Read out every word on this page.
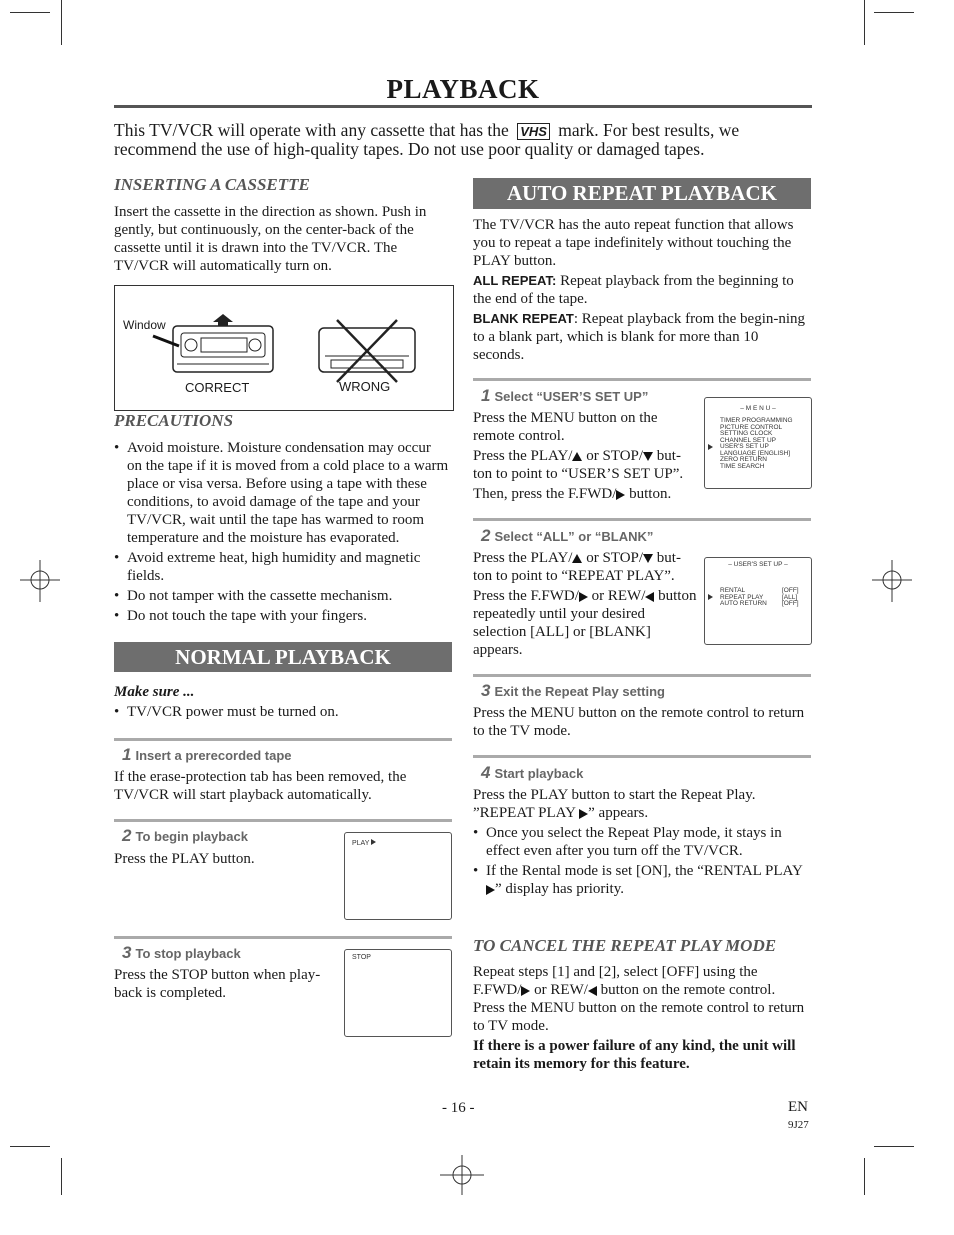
PLAYBACK
This TV/VCR will operate with any cassette that has the VHS mark. For best results, we recommend the use of high-quality tapes. Do not use poor quality or damaged tapes.
INSERTING A CASSETTE
Insert the cassette in the direction as shown. Push in gently, but continuously, on the center-back of the cassette until it is drawn into the TV/VCR. The TV/VCR will automatically turn on.
Window
CORRECT	WRONG
PRECAUTIONS
• Avoid moisture. Moisture condensation may occur on the tape if it is moved from a cold place to a warm place or visa versa. Before using a tape with these conditions, to avoid damage of the tape and your TV/VCR, wait until the tape has warmed to room temperature and the moisture has evaporated.
• Avoid extreme heat, high humidity and magnetic fields.
• Do not tamper with the cassette mechanism.
• Do not touch the tape with your fingers.
NORMAL PLAYBACK
Make sure ...
• TV/VCR power must be turned on.
1 Insert a prerecorded tape
If the erase-protection tab has been removed, the TV/VCR will start playback automatically.
2 To begin playback
Press the PLAY button.
PLAY
3 To stop playback
Press the STOP button when play-back is completed.
STOP
AUTO REPEAT PLAYBACK
The TV/VCR has the auto repeat function that allows you to repeat a tape indefinitely without touching the PLAY button.
ALL REPEAT: Repeat playback from the beginning to the end of the tape.
BLANK REPEAT: Repeat playback from the begin-ning to a blank part, which is blank for more than 10 seconds.
1 Select “USER’S SET UP”
Press the MENU button on the remote control.
Press the PLAY/ or STOP/ but-ton to point to “USER’S SET UP”.
Then, press the F.FWD/ button.
– M E N U –
TIMER PROGRAMMING
PICTURE CONTROL
SETTING CLOCK
CHANNEL SET UP
USER'S SET UP
LANGUAGE [ENGLISH]
ZERO RETURN
TIME SEARCH
2 Select “ALL” or “BLANK”
Press the PLAY/ or STOP/ but-ton to point to “REPEAT PLAY”.
Press the F.FWD/ or REW/ button repeatedly until your desired selection [ALL] or [BLANK] appears.
– USER'S SET UP –
RENTAL
REPEAT PLAY
AUTO RETURN
[OFF]
[ALL]
[OFF]
3 Exit the Repeat Play setting
Press the MENU button on the remote control to return to the TV mode.
4 Start playback
Press the PLAY button to start the Repeat Play. ”REPEAT PLAY ” appears.
• Once you select the Repeat Play mode, it stays in effect even after you turn off the TV/VCR.
• If the Rental mode is set [ON], the “RENTAL PLAY ” display has priority.
TO CANCEL THE REPEAT PLAY MODE
Repeat steps [1] and [2], select [OFF] using the F.FWD/ or REW/ button on the remote control. Press the MENU button on the remote control to return to TV mode.
If there is a power failure of any kind, the unit will retain its memory for this feature.
- 16 -	EN
9J27
